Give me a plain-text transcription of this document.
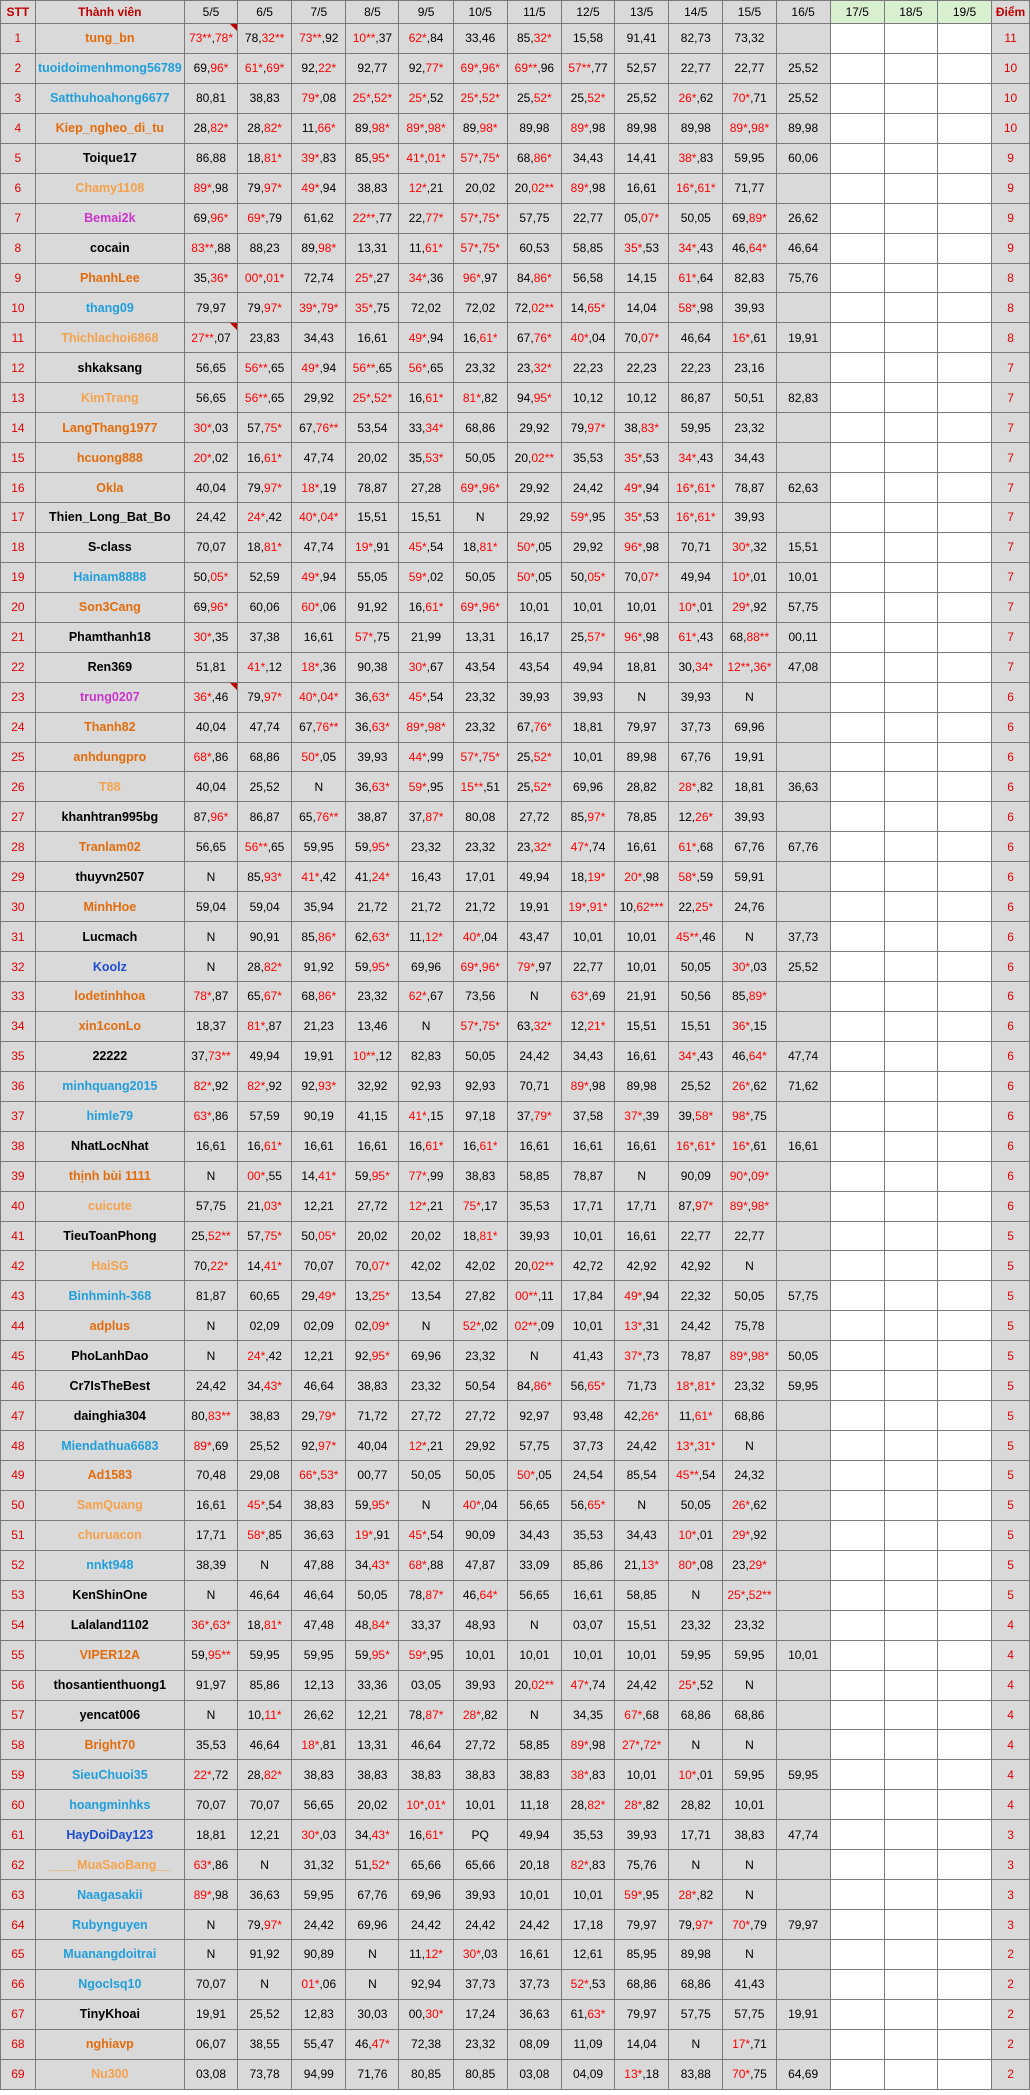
STT	Thành viên	5/5	6/5	7/5	8/5	9/5	10/5	11/5	12/5	13/5	14/5	15/5	16/5	17/5	18/5	19/5	Điểm
1	tung_bn	73**,78*	78,32**	73**,92	10**,37	62*,84	33,46	85,32*	15,58	91,41	82,73	73,32					11
2	tuoidoimenhmong56789	69,96*	61*,69*	92,22*	92,77	92,77*	69*,96*	69**,96	57**,77	52,57	22,77	22,77	25,52				10
3	Satthuhoahong6677	80,81	38,83	79*,08	25*,52*	25*,52	25*,52*	25,52*	25,52*	25,52	26*,62	70*,71	25,52				10
4	Kiep_ngheo_di_tu	28,82*	28,82*	11,66*	89,98*	89*,98*	89,98*	89,98	89*,98	89,98	89,98	89*,98*	89,98				10
5	Toique17	86,88	18,81*	39*,83	85,95*	41*,01*	57*,75*	68,86*	34,43	14,41	38*,83	59,95	60,06				9
6	Chamy1108	89*,98	79,97*	49*,94	38,83	12*,21	20,02	20,02**	89*,98	16,61	16*,61*	71,77					9
7	Bemai2k	69,96*	69*,79	61,62	22**,77	22,77*	57*,75*	57,75	22,77	05,07*	50,05	69,89*	26,62				9
8	cocain	83**,88	88,23	89,98*	13,31	11,61*	57*,75*	60,53	58,85	35*,53	34*,43	46,64*	46,64				9
9	PhanhLee	35,36*	00*,01*	72,74	25*,27	34*,36	96*,97	84,86*	56,58	14,15	61*,64	82,83	75,76				8
10	thang09	79,97	79,97*	39*,79*	35*,75	72,02	72,02	72,02**	14,65*	14,04	58*,98	39,93					8
11	Thichlachoi6868	27**,07	23,83	34,43	16,61	49*,94	16,61*	67,76*	40*,04	70,07*	46,64	16*,61	19,91				8
12	shkaksang	56,65	56**,65	49*,94	56**,65	56*,65	23,32	23,32*	22,23	22,23	22,23	23,16					7
13	KimTrang	56,65	56**,65	29,92	25*,52*	16,61*	81*,82	94,95*	10,12	10,12	86,87	50,51	82,83				7
14	LangThang1977	30*,03	57,75*	67,76**	53,54	33,34*	68,86	29,92	79,97*	38,83*	59,95	23,32					7
15	hcuong888	20*,02	16,61*	47,74	20,02	35,53*	50,05	20,02**	35,53	35*,53	34*,43	34,43					7
16	Okla	40,04	79,97*	18*,19	78,87	27,28	69*,96*	29,92	24,42	49*,94	16*,61*	78,87	62,63				7
17	Thien_Long_Bat_Bo	24,42	24*,42	40*,04*	15,51	15,51	N	29,92	59*,95	35*,53	16*,61*	39,93					7
18	S-class	70,07	18,81*	47,74	19*,91	45*,54	18,81*	50*,05	29,92	96*,98	70,71	30*,32	15,51				7
19	Hainam8888	50,05*	52,59	49*,94	55,05	59*,02	50,05	50*,05	50,05*	70,07*	49,94	10*,01	10,01				7
20	Son3Cang	69,96*	60,06	60*,06	91,92	16,61*	69*,96*	10,01	10,01	10,01	10*,01	29*,92	57,75				7
21	Phamthanh18	30*,35	37,38	16,61	57*,75	21,99	13,31	16,17	25,57*	96*,98	61*,43	68,88**	00,11				7
22	Ren369	51,81	41*,12	18*,36	90,38	30*,67	43,54	43,54	49,94	18,81	30,34*	12**,36*	47,08				7
23	trung0207	36*,46	79,97*	40*,04*	36,63*	45*,54	23,32	39,93	39,93	N	39,93	N					6
24	Thanh82	40,04	47,74	67,76**	36,63*	89*,98*	23,32	67,76*	18,81	79,97	37,73	69,96					6
25	anhdungpro	68*,86	68,86	50*,05	39,93	44*,99	57*,75*	25,52*	10,01	89,98	67,76	19,91					6
26	T88	40,04	25,52	N	36,63*	59*,95	15**,51	25,52*	69,96	28,82	28*,82	18,81	36,63				6
27	khanhtran995bg	87,96*	86,87	65,76**	38,87	37,87*	80,08	27,72	85,97*	78,85	12,26*	39,93					6
28	Tranlam02	56,65	56**,65	59,95	59,95*	23,32	23,32	23,32*	47*,74	16,61	61*,68	67,76	67,76				6
29	thuyvn2507	N	85,93*	41*,42	41,24*	16,43	17,01	49,94	18,19*	20*,98	58*,59	59,91					6
30	MinhHoe	59,04	59,04	35,94	21,72	21,72	21,72	19,91	19*,91*	10,62***	22,25*	24,76					6
31	Lucmach	N	90,91	85,86*	62,63*	11,12*	40*,04	43,47	10,01	10,01	45**,46	N	37,73				6
32	Koolz	N	28,82*	91,92	59,95*	69,96	69*,96*	79*,97	22,77	10,01	50,05	30*,03	25,52				6
33	lodetinhhoa	78*,87	65,67*	68,86*	23,32	62*,67	73,56	N	63*,69	21,91	50,56	85,89*					6
34	xin1conLo	18,37	81*,87	21,23	13,46	N	57*,75*	63,32*	12,21*	15,51	15,51	36*,15					6
35	22222	37,73**	49,94	19,91	10**,12	82,83	50,05	24,42	34,43	16,61	34*,43	46,64*	47,74				6
36	minhquang2015	82*,92	82*,92	92,93*	32,92	92,93	92,93	70,71	89*,98	89,98	25,52	26*,62	71,62				6
37	himle79	63*,86	57,59	90,19	41,15	41*,15	97,18	37,79*	37,58	37*,39	39,58*	98*,75					6
38	NhatLocNhat	16,61	16,61*	16,61	16,61	16,61*	16,61*	16,61	16,61	16,61	16*,61*	16*,61	16,61				6
39	thịnh bùi 1111	N	00*,55	14,41*	59,95*	77*,99	38,83	58,85	78,87	N	90,09	90*,09*					6
40	cuicute	57,75	21,03*	12,21	27,72	12*,21	75*,17	35,53	17,71	17,71	87,97*	89*,98*					6
41	TieuToanPhong	25,52**	57,75*	50,05*	20,02	20,02	18,81*	39,93	10,01	16,61	22,77	22,77					5
42	HaiSG	70,22*	14,41*	70,07	70,07*	42,02	42,02	20,02**	42,72	42,92	42,92	N					5
43	Binhminh-368	81,87	60,65	29,49*	13,25*	13,54	27,82	00**,11	17,84	49*,94	22,32	50,05	57,75				5
44	adplus	N	02,09	02,09	02,09*	N	52*,02	02**,09	10,01	13*,31	24,42	75,78					5
45	PhoLanhDao	N	24*,42	12,21	92,95*	69,96	23,32	N	41,43	37*,73	78,87	89*,98*	50,05				5
46	Cr7IsTheBest	24,42	34,43*	46,64	38,83	23,32	50,54	84,86*	56,65*	71,73	18*,81*	23,32	59,95				5
47	dainghia304	80,83**	38,83	29,79*	71,72	27,72	27,72	92,97	93,48	42,26*	11,61*	68,86					5
48	Miendathua6683	89*,69	25,52	92,97*	40,04	12*,21	29,92	57,75	37,73	24,42	13*,31*	N					5
49	Ad1583	70,48	29,08	66*,53*	00,77	50,05	50,05	50*,05	24,54	85,54	45**,54	24,32					5
50	SamQuang	16,61	45*,54	38,83	59,95*	N	40*,04	56,65	56,65*	N	50,05	26*,62					5
51	churuacon	17,71	58*,85	36,63	19*,91	45*,54	90,09	34,43	35,53	34,43	10*,01	29*,92					5
52	nnkt948	38,39	N	47,88	34,43*	68*,88	47,87	33,09	85,86	21,13*	80*,08	23,29*					5
53	KenShinOne	N	46,64	46,64	50,05	78,87*	46,64*	56,65	16,61	58,85	N	25*,52**					5
54	Lalaland1102	36*,63*	18,81*	47,48	48,84*	33,37	48,93	N	03,07	15,51	23,32	23,32					4
55	VIPER12A	59,95**	59,95	59,95	59,95*	59*,95	10,01	10,01	10,01	10,01	59,95	59,95	10,01				4
56	thosantienthuong1	91,97	85,86	12,13	33,36	03,05	39,93	20,02**	47*,74	24,42	25*,52	N					4
57	yencat006	N	10,11*	26,62	12,21	78,87*	28*,82	N	34,35	67*,68	68,86	68,86					4
58	Bright70	35,53	46,64	18*,81	13,31	46,64	27,72	58,85	89*,98	27*,72*	N	N					4
59	SieuChuoi35	22*,72	28,82*	38,83	38,83	38,83	38,83	38,83	38*,83	10,01	10*,01	59,95	59,95				4
60	hoangminhks	70,07	70,07	56,65	20,02	10*,01*	10,01	11,18	28,82*	28*,82	28,82	10,01					4
61	HayDoiDay123	18,81	12,21	30*,03	34,43*	16,61*	PQ	49,94	35,53	39,93	17,71	38,83	47,74				3
62	____MuaSaoBang__	63*,86	N	31,32	51,52*	65,66	65,66	20,18	82*,83	75,76	N	N					3
63	Naagasakii	89*,98	36,63	59,95	67,76	69,96	39,93	10,01	10,01	59*,95	28*,82	N					3
64	Rubynguyen	N	79,97*	24,42	69,96	24,42	24,42	24,42	17,18	79,97	79,97*	70*,79	79,97				3
65	Muanangdoitrai	N	91,92	90,89	N	11,12*	30*,03	16,61	12,61	85,95	89,98	N					2
66	Ngoclsq10	70,07	N	01*,06	N	92,94	37,73	37,73	52*,53	68,86	68,86	41,43					2
67	TinyKhoai	19,91	25,52	12,83	30,03	00,30*	17,24	36,63	61,63*	79,97	57,75	57,75	19,91				2
68	nghiavp	06,07	38,55	55,47	46,47*	72,38	23,32	08,09	11,09	14,04	N	17*,71					2
69	Nu300	03,08	73,78	94,99	71,76	80,85	80,85	03,08	04,09	13*,18	83,88	70*,75	64,69				2
